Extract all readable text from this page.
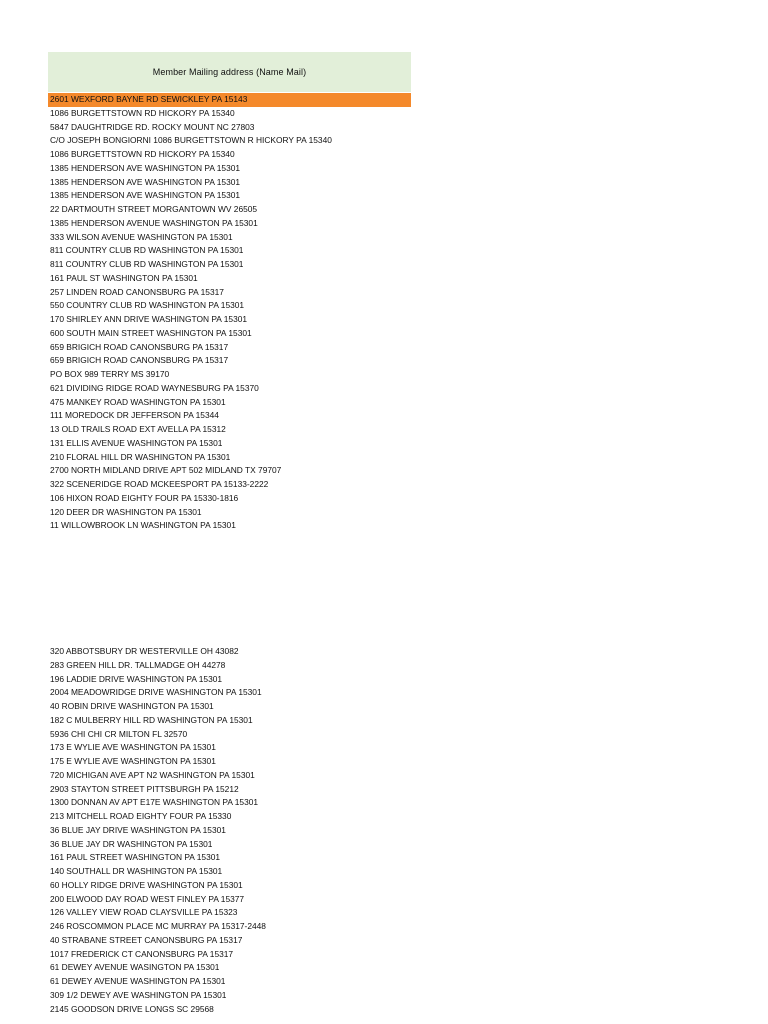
Member Mailing address (Name Mail)
2601 WEXFORD BAYNE RD SEWICKLEY PA 15143
1086 BURGETTSTOWN RD HICKORY PA 15340
5847 DAUGHTRIDGE RD. ROCKY MOUNT NC 27803
C/O JOSEPH BONGIORNI 1086 BURGETTSTOWN R HICKORY PA 15340
1086 BURGETTSTOWN RD HICKORY PA 15340
1385 HENDERSON AVE WASHINGTON PA 15301
1385 HENDERSON AVE WASHINGTON PA 15301
1385 HENDERSON AVE WASHINGTON PA 15301
22 DARTMOUTH STREET MORGANTOWN WV 26505
1385 HENDERSON AVENUE WASHINGTON PA 15301
333 WILSON AVENUE WASHINGTON PA 15301
811 COUNTRY CLUB RD WASHINGTON PA 15301
811 COUNTRY CLUB RD WASHINGTON PA 15301
161 PAUL ST WASHINGTON PA 15301
257 LINDEN ROAD CANONSBURG PA 15317
550 COUNTRY CLUB RD WASHINGTON PA 15301
170 SHIRLEY ANN DRIVE WASHINGTON PA 15301
600 SOUTH MAIN STREET WASHINGTON PA 15301
659 BRIGICH ROAD CANONSBURG PA 15317
659 BRIGICH ROAD CANONSBURG PA 15317
PO BOX 989 TERRY MS 39170
621 DIVIDING RIDGE ROAD WAYNESBURG PA 15370
475 MANKEY ROAD WASHINGTON PA 15301
111 MOREDOCK DR JEFFERSON PA 15344
13 OLD TRAILS ROAD EXT AVELLA PA 15312
131 ELLIS AVENUE WASHINGTON PA 15301
210 FLORAL HILL DR WASHINGTON PA 15301
2700 NORTH MIDLAND DRIVE APT 502 MIDLAND TX 79707
322 SCENERIDGE ROAD MCKEESPORT PA 15133-2222
106 HIXON ROAD EIGHTY FOUR PA 15330-1816
120 DEER DR WASHINGTON PA 15301
11 WILLOWBROOK LN WASHINGTON PA 15301
320 ABBOTSBURY DR WESTERVILLE OH 43082
283 GREEN HILL DR. TALLMADGE OH 44278
196 LADDIE DRIVE WASHINGTON PA 15301
2004 MEADOWRIDGE DRIVE WASHINGTON PA 15301
40 ROBIN DRIVE WASHINGTON PA 15301
182 C MULBERRY HILL RD WASHINGTON PA 15301
5936 CHI CHI CR MILTON FL 32570
173 E WYLIE AVE WASHINGTON PA 15301
175 E WYLIE AVE WASHINGTON PA 15301
720 MICHIGAN AVE APT N2 WASHINGTON PA 15301
2903 STAYTON STREET PITTSBURGH PA 15212
1300 DONNAN AV APT E17E WASHINGTON PA 15301
213 MITCHELL ROAD EIGHTY FOUR PA 15330
36 BLUE JAY DRIVE WASHINGTON PA 15301
36 BLUE JAY DR WASHINGTON PA 15301
161 PAUL STREET WASHINGTON PA 15301
140 SOUTHALL DR WASHINGTON PA 15301
60 HOLLY RIDGE DRIVE WASHINGTON PA 15301
200 ELWOOD DAY ROAD WEST FINLEY PA 15377
126 VALLEY VIEW ROAD CLAYSVILLE PA 15323
246 ROSCOMMON PLACE MC MURRAY PA 15317-2448
40 STRABANE STREET CANONSBURG PA 15317
1017 FREDERICK CT CANONSBURG PA 15317
61 DEWEY AVENUE WASINGTON PA 15301
61 DEWEY AVENUE WASHINGTON PA 15301
309 1/2 DEWEY AVE WASHINGTON PA 15301
2145 GOODSON DRIVE LONGS SC 29568
